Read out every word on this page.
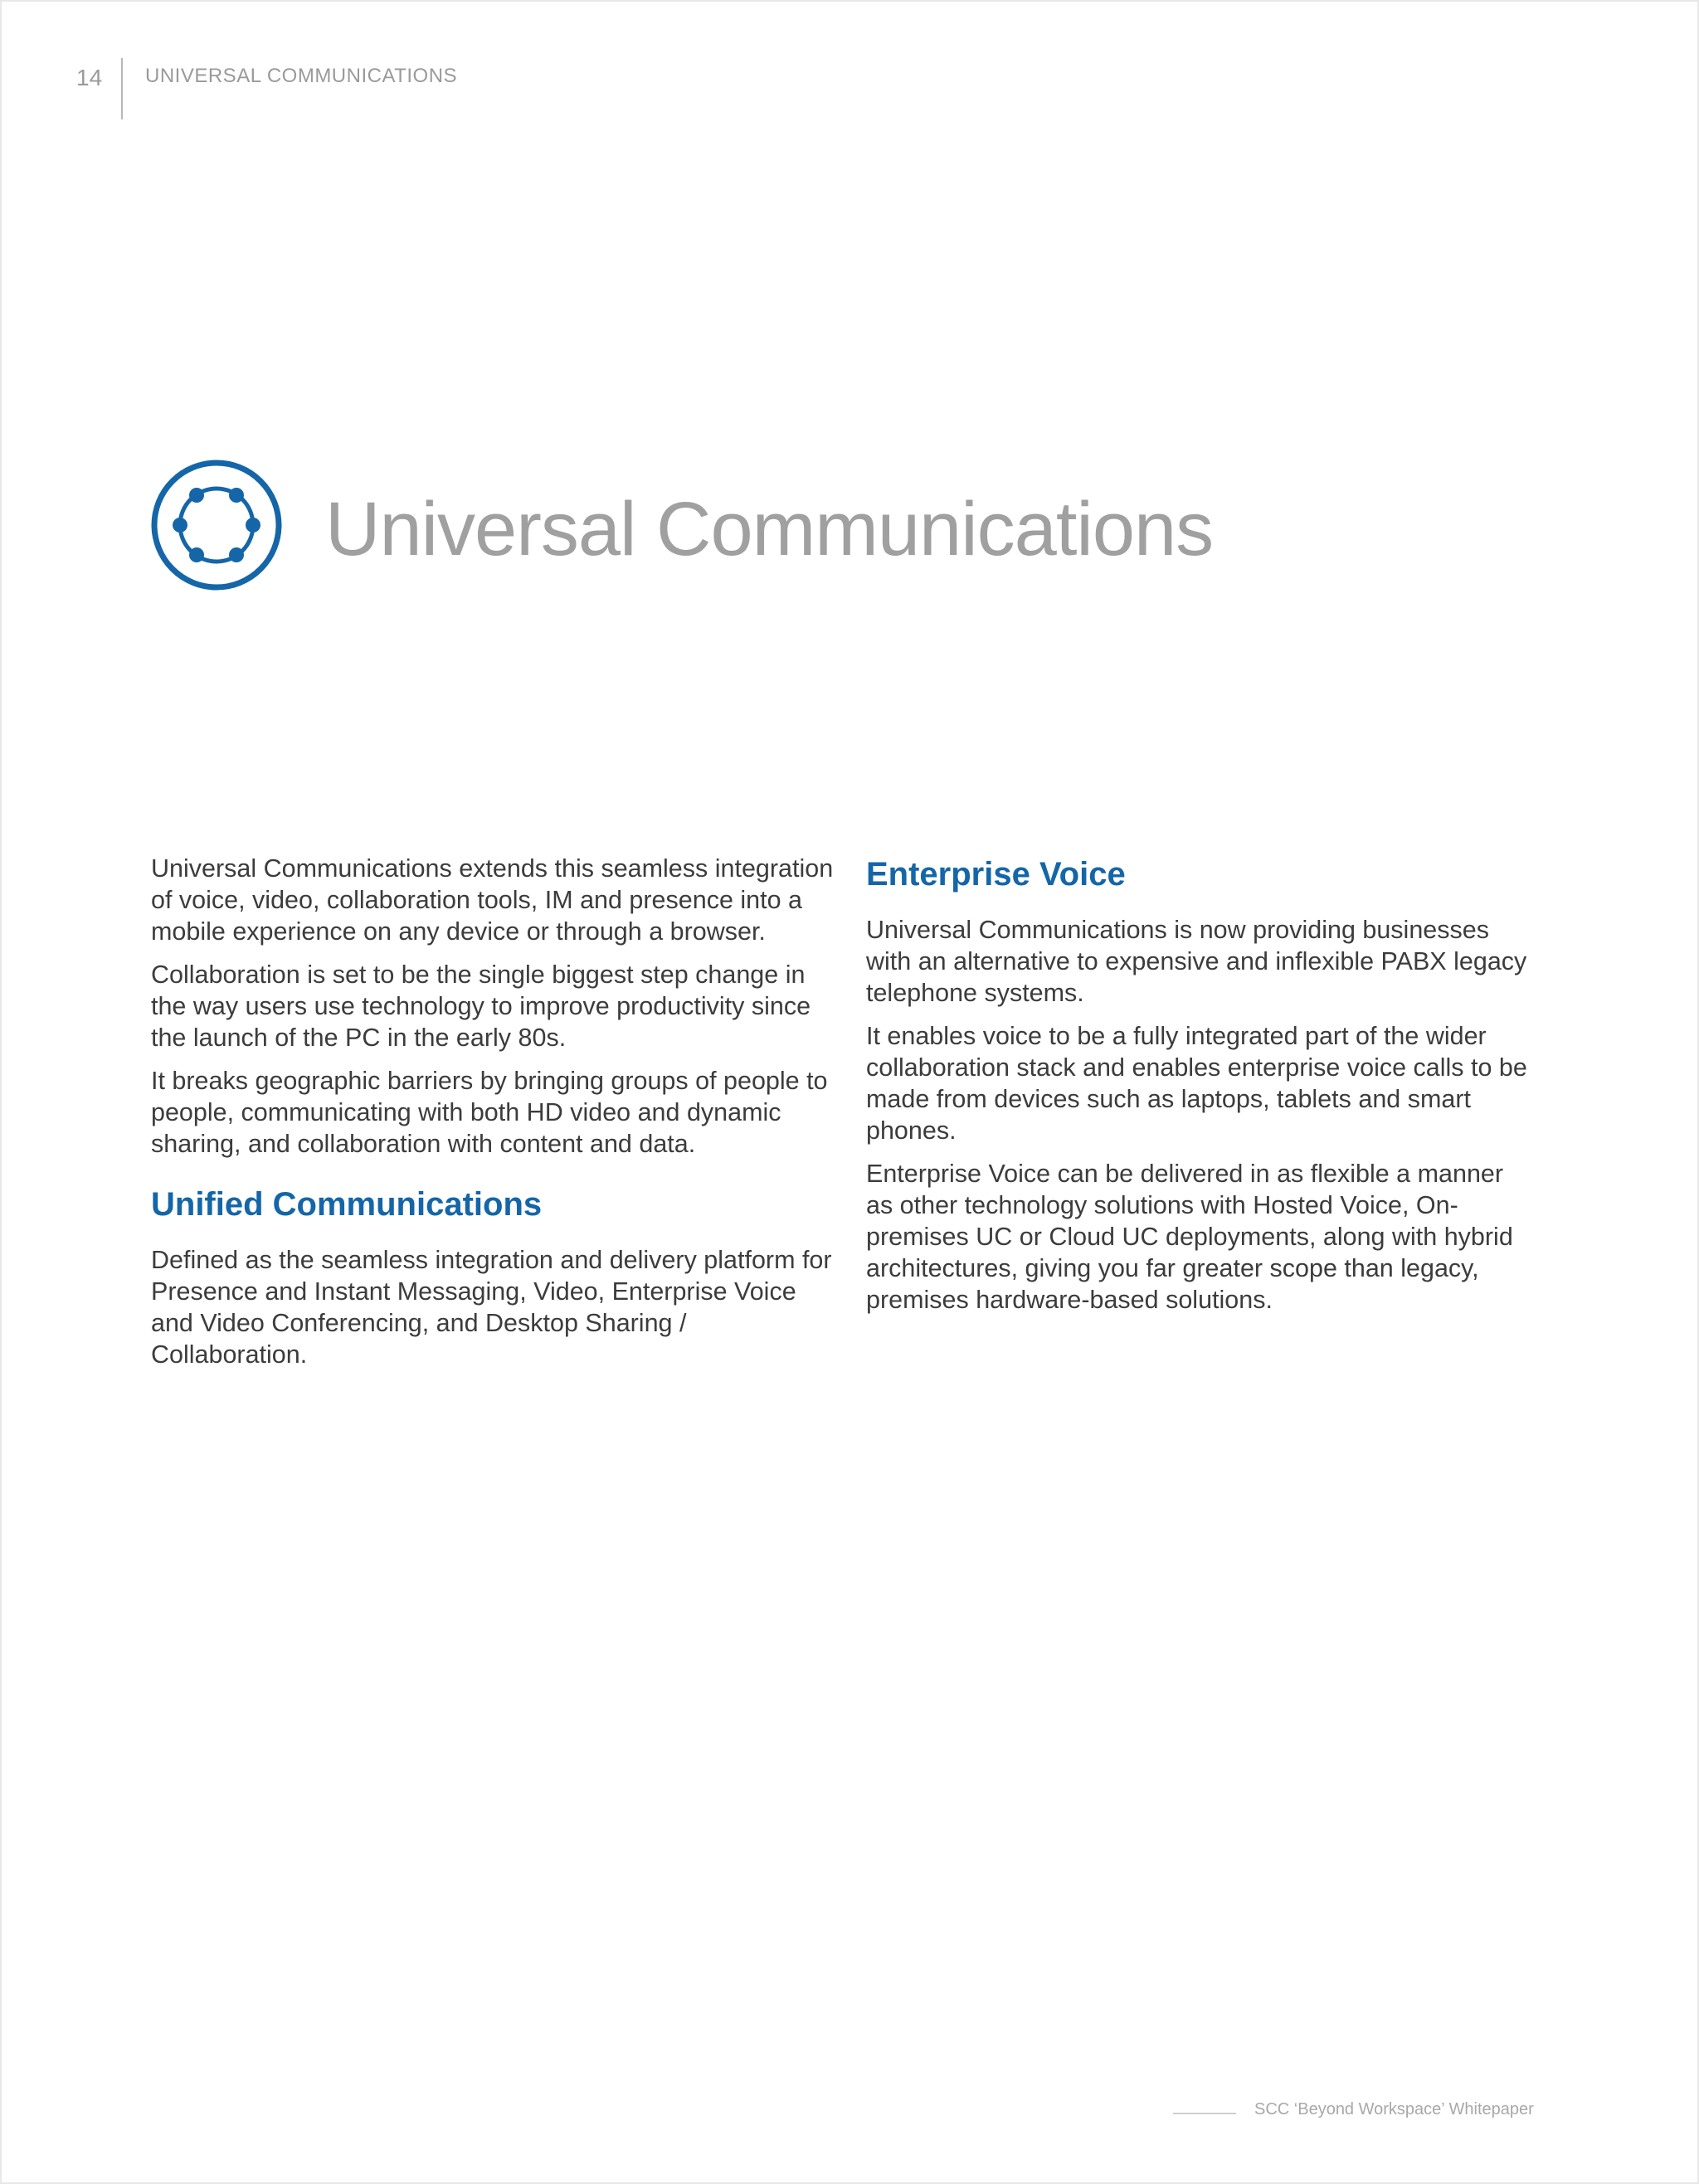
14 UNIVERSAL COMMUNICATIONS
Universal Communications

Universal Communications extends this seamless integration of voice, video, collaboration tools, IM and presence into a mobile experience on any device or through a browser.

Collaboration is set to be the single biggest step change in the way users use technology to improve productivity since the launch of the PC in the early 80s.

It breaks geographic barriers by bringing groups of people to people, communicating with both HD video and dynamic sharing, and collaboration with content and data.

Unified Communications

Defined as the seamless integration and delivery platform for Presence and Instant Messaging, Video, Enterprise Voice and Video Conferencing, and Desktop Sharing / Collaboration.

Enterprise Voice

Universal Communications is now providing businesses with an alternative to expensive and inflexible PABX legacy telephone systems.

It enables voice to be a fully integrated part of the wider collaboration stack and enables enterprise voice calls to be made from devices such as laptops, tablets and smart phones.

Enterprise Voice can be delivered in as flexible a manner as other technology solutions with Hosted Voice, On-premises UC or Cloud UC deployments, along with hybrid architectures, giving you far greater scope than legacy, premises hardware-based solutions.

SCC ‘Beyond Workspace’ Whitepaper
